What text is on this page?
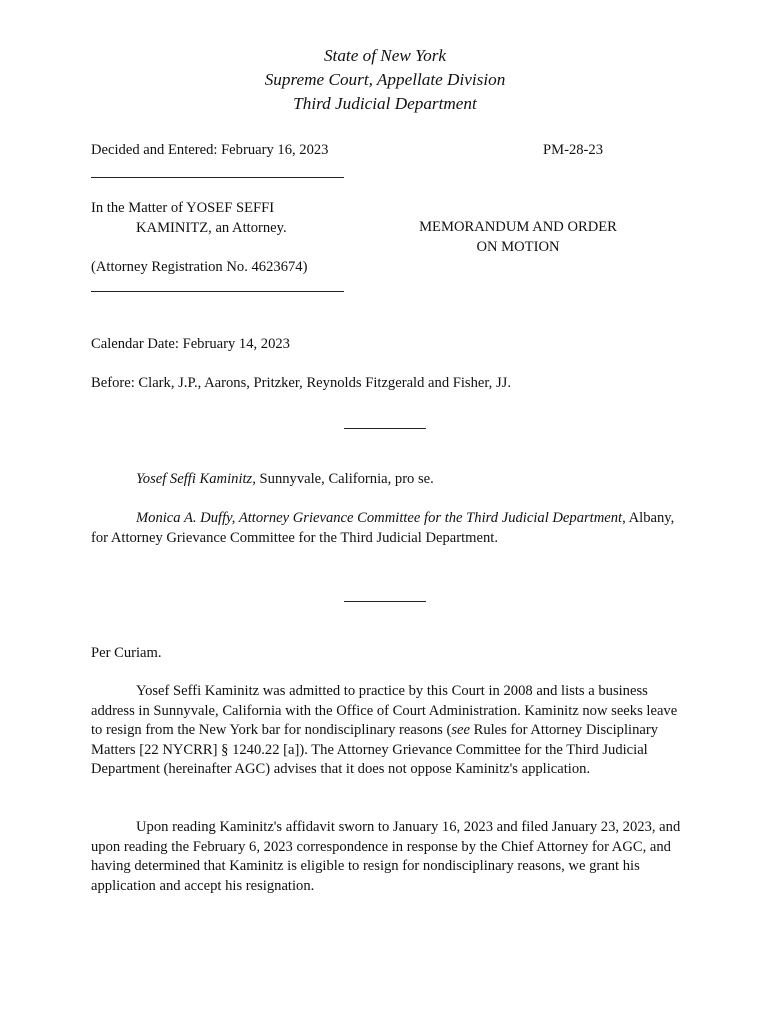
State of New York
Supreme Court, Appellate Division
Third Judicial Department
Decided and Entered: February 16, 2023	PM-28-23
In the Matter of YOSEF SEFFI
KAMINITZ, an Attorney.	MEMORANDUM AND ORDER
ON MOTION
(Attorney Registration No. 4623674)
Calendar Date: February 14, 2023
Before: Clark, J.P., Aarons, Pritzker, Reynolds Fitzgerald and Fisher, JJ.
Yosef Seffi Kaminitz, Sunnyvale, California, pro se.
Monica A. Duffy, Attorney Grievance Committee for the Third Judicial Department, Albany, for Attorney Grievance Committee for the Third Judicial Department.
Per Curiam.
Yosef Seffi Kaminitz was admitted to practice by this Court in 2008 and lists a business address in Sunnyvale, California with the Office of Court Administration. Kaminitz now seeks leave to resign from the New York bar for nondisciplinary reasons (see Rules for Attorney Disciplinary Matters [22 NYCRR] § 1240.22 [a]). The Attorney Grievance Committee for the Third Judicial Department (hereinafter AGC) advises that it does not oppose Kaminitz's application.
Upon reading Kaminitz's affidavit sworn to January 16, 2023 and filed January 23, 2023, and upon reading the February 6, 2023 correspondence in response by the Chief Attorney for AGC, and having determined that Kaminitz is eligible to resign for nondisciplinary reasons, we grant his application and accept his resignation.
